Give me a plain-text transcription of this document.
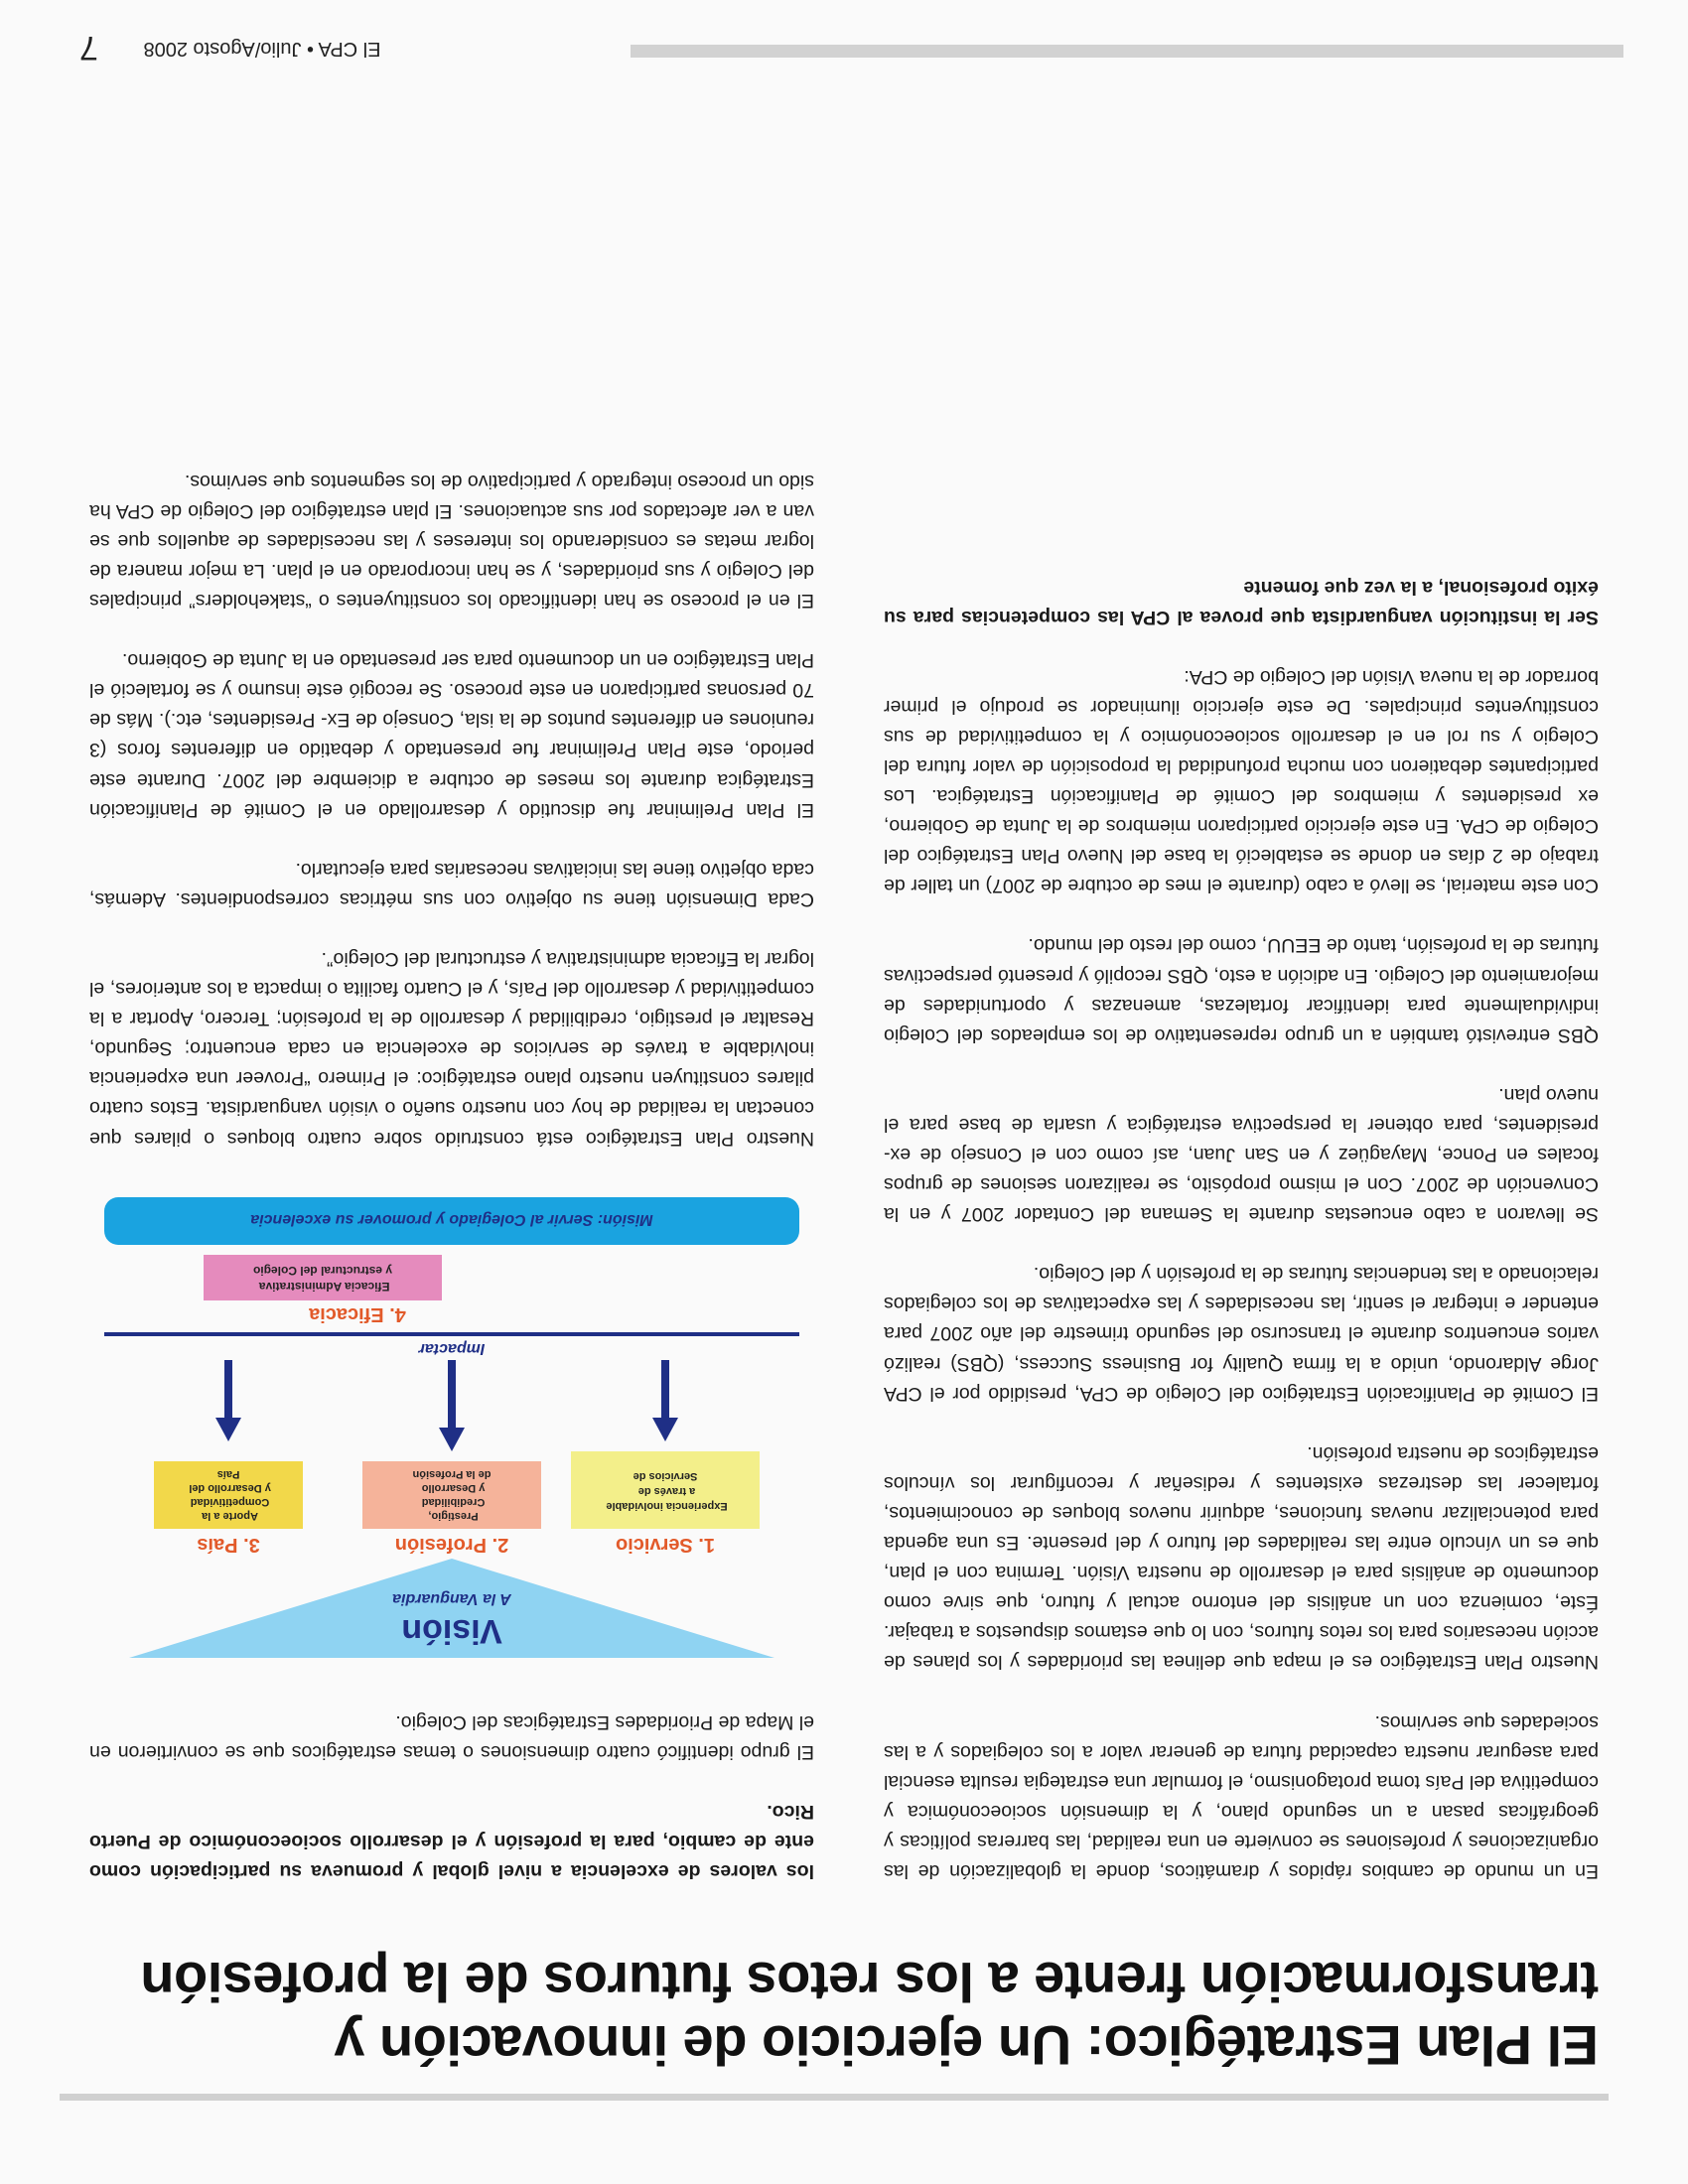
El Plan Estratégico: Un ejercicio de innovación y
transformación frente a los retos futuros de la profesión

En un mundo de cambios rápidos y dramáticos, donde la globalización de las organizaciones y profesiones se convierte en una realidad, las barreras políticas y geográficas pasan a un segundo plano, y la dimensión socioeconómica y competitiva del País toma protagonismo, el formular una estrategia resulta esencial para asegurar nuestra capacidad futura de generar valor a los colegiados y a las sociedades que servimos.

Nuestro Plan Estratégico es el mapa que delinea las prioridades y los planes de acción necesarios para los retos futuros, con lo que estamos dispuestos a trabajar. Éste, comienza con un análisis del entorno actual y futuro, que sirve como documento de análisis para el desarrollo de nuestra Visión. Termina con el plan, que es un vínculo entre las realidades del futuro y del presente. Es una agenda para potencializar nuevas funciones, adquirir nuevos bloques de conocimientos, fortalecer las destrezas existentes y rediseñar y reconfigurar los vínculos estratégicos de nuestra profesión.

El Comité de Planificación Estratégico del Colegio de CPA, presidido por el CPA Jorge Aldarondo, unido a la firma Quality for Business Success, (QBS) realizó varios encuentros durante el transcurso del segundo trimestre del año 2007 para entender e integrar el sentir, las necesidades y las expectativas de los colegiados relacionado a las tendencias futuras de la profesión y del Colegio.

Se llevaron a cabo encuestas durante la Semana del Contador 2007 y en la Convención de 2007. Con el mismo propósito, se realizaron sesiones de grupos focales en Ponce, Mayagüez y en San Juan, así como con el Consejo de ex-presidentes, para obtener la perspectiva estratégica y usarla de base para el nuevo plan.

QBS entrevistó también a un grupo representativo de los empleados del Colegio individualmente para identificar fortalezas, amenazas y oportunidades de mejoramiento del Colegio. En adición a esto, QBS recopiló y presentó perspectivas futuras de la profesión, tanto de EEUU, como del resto del mundo.

Con este material, se llevó a cabo (durante el mes de octubre de 2007) un taller de trabajo de 2 días en donde se estableció la base del Nuevo Plan Estratégico del Colegio de CPA. En este ejercicio participaron miembros de la Junta de Gobierno, ex presidentes y miembros del Comité de Planificación Estratégica. Los participantes debatieron con mucha profundidad la proposición de valor futura del Colegio y su rol en el desarrollo socioeconómico y la competitividad de sus constituyentes principales. De este ejercicio iluminador se produjo el primer borrador de la nueva Visión del Colegio de CPA:

Ser la institución vanguardista que provea al CPA las competencias para su éxito profesional, a la vez que fomente

los valores de excelencia a nivel global y promueva su participación como ente de cambio, para la profesión y el desarrollo socioeconómico de Puerto Rico.

El grupo identificó cuatro dimensiones o temas estratégicos que se convirtieron en el Mapa de Prioridades Estratégicas del Colegio.

Visión
A la Vanguardia
1. Servicio
2. Profesión
3. País
Experiencia inolvidable a través de Servicios de
Prestigio, Credibilidad y Desarrollo de la Profesión
Aporte a la Competitividad y Desarrollo del País
Impactar
4. Eficacia
Eficacia Administrativa y estructural del Colegio
Misión: Servir al Colegiado y promover su excelencia

Nuestro Plan Estratégico está construido sobre cuatro bloques o pilares que conectan la realidad de hoy con nuestro sueño o visión vanguardista. Estos cuatro pilares constituyen nuestro plano estratégico: el Primero “Proveer una experiencia inolvidable a través de servicios de excelencia en cada encuentro; Segundo, Resaltar el prestigio, credibilidad y desarrollo de la profesión; Tercero, Aportar a la competitividad y desarrollo del País, y el Cuarto facilita o impacta a los anteriores, el lograr la Eficacia administrativa y estructural del Colegio”.

Cada Dimensión tiene su objetivo con sus métricas correspondientes. Además, cada objetivo tiene las iniciativas necesarias para ejecutarlo.

El Plan Preliminar fue discutido y desarrollado en el Comité de Planificación Estratégica durante los meses de octubre a diciembre del 2007. Durante este periodo, este Plan Preliminar fue presentado y debatido en diferentes foros (3 reuniones en diferentes puntos de la isla, Consejo de Ex- Presidentes, etc.). Más de 70 personas participaron en este proceso. Se recogió este insumo y se fortaleció el Plan Estratégico en un documento para ser presentado en la Junta de Gobierno.

El en el proceso se han identificado los constituyentes o “stakeholders” principales del Colegio y sus prioridades, y se han incorporado en el plan. La mejor manera de lograr metas es considerando los intereses y las necesidades de aquellos que se van a ver afectados por sus actuaciones. El plan estratégico del Colegio de CPA ha sido un proceso integrado y participativo de los segmentos que servimos.

El CPA • Julio/Agosto 2008 7
